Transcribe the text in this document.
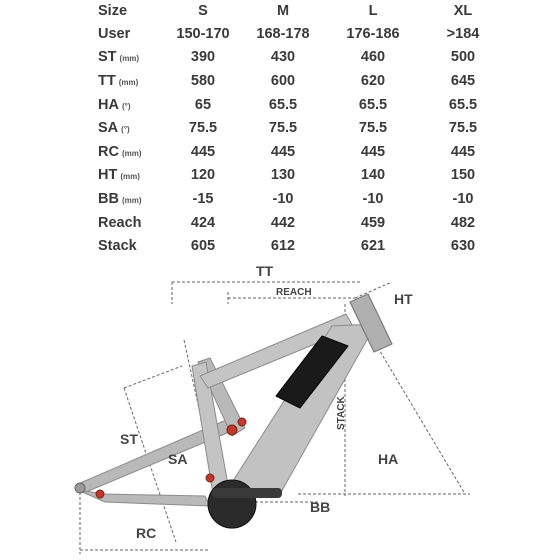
Size	S	M	L	XL
User	150-170	168-178	176-186	>184
ST (mm)	390	430	460	500
TT (mm)	580	600	620	645
HA (°)	65	65.5	65.5	65.5
SA (°)	75.5	75.5	75.5	75.5
RC (mm)	445	445	445	445
HT (mm)	120	130	140	150
BB (mm)	-15	-10	-10	-10
Reach	424	442	459	482
Stack	605	612	621	630
TT
REACH	HT
ST
SA
STACK
HA
BB
RC
